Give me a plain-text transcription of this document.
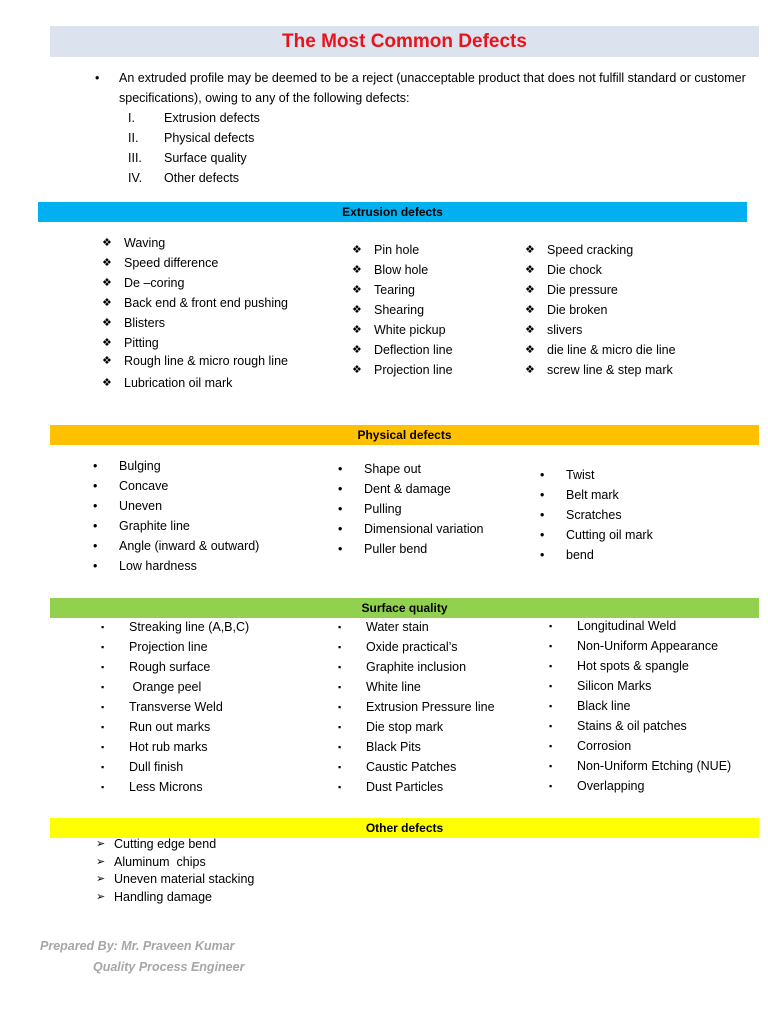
The Most Common Defects
•	An extruded profile may be deemed to be a reject (unacceptable product that does not fulfill standard or customer specifications), owing to any of the following defects:
I.	Extrusion defects
II.	Physical defects
III.	Surface quality
IV.	Other defects
Extrusion defects
❖ Waving
❖ Speed difference
❖ De –coring
❖ Back end & front end pushing
❖ Blisters
❖ Pitting
❖ Rough line & micro rough line
❖ Lubrication oil mark
❖ Pin hole
❖ Blow hole
❖ Tearing
❖ Shearing
❖ White pickup
❖ Deflection line
❖ Projection line
❖ Speed cracking
❖ Die chock
❖ Die pressure
❖ Die broken
❖ slivers
❖ die line & micro die line
❖ screw line & step mark
Physical defects
•	Bulging
•	Concave
•	Uneven
•	Graphite line
•	Angle (inward & outward)
•	Low hardness
•	Shape out
•	Dent & damage
•	Pulling
•	Dimensional variation
•	Puller bend
•	Twist
•	Belt mark
•	Scratches
•	Cutting oil mark
•	bend
Surface quality
▪	Streaking line (A,B,C)
▪	Projection line
▪	Rough surface
▪	Orange peel
▪	Transverse Weld
▪	Run out marks
▪	Hot rub marks
▪	Dull finish
▪	Less Microns
▪	Water stain
▪	Oxide practical’s
▪	Graphite inclusion
▪	White line
▪	Extrusion Pressure line
▪	Die stop mark
▪	Black Pits
▪	Caustic Patches
▪	Dust Particles
▪	Longitudinal Weld
▪	Non-Uniform Appearance
▪	Hot spots & spangle
▪	Silicon Marks
▪	Black line
▪	Stains & oil patches
▪	Corrosion
▪	Non-Uniform Etching (NUE)
▪	Overlapping
Other defects
➢ Cutting edge bend
➢ Aluminum  chips
➢ Uneven material stacking
➢ Handling damage
Prepared By: Mr. Praveen Kumar
Quality Process Engineer
